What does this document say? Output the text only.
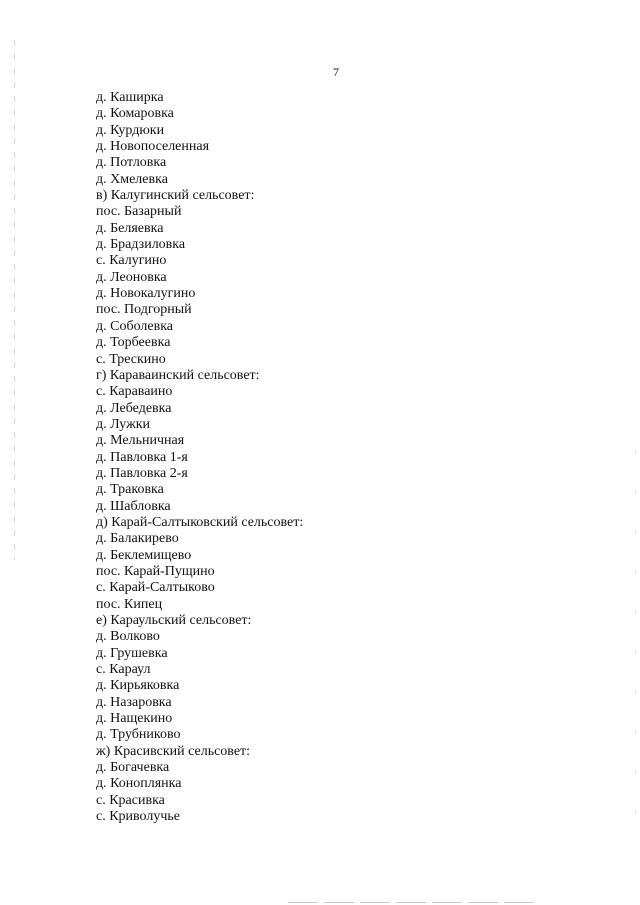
7
д. Каширка
д. Комаровка
д. Курдюки
д. Новопоселенная
д. Потловка
д. Хмелевка
в) Калугинский сельсовет:
пос. Базарный
д. Беляевка
д. Брадзиловка
с. Калугино
д. Леоновка
д. Новокалугино
пос. Подгорный
д. Соболевка
д. Торбеевка
с. Трескино
г) Караваинский сельсовет:
с. Караваино
д. Лебедевка
д. Лужки
д. Мельничная
д. Павловка 1-я
д. Павловка 2-я
д. Траковка
д. Шабловка
д) Карай-Салтыковский сельсовет:
д. Балакирево
д. Беклемищево
пос. Карай-Пущино
с. Карай-Салтыково
пос. Кипец
е) Караульский сельсовет:
д. Волково
д. Грушевка
с. Караул
д. Кирьяковка
д. Назаровка
д. Нащекино
д. Трубниково
ж) Красивский сельсовет:
д. Богачевка
д. Коноплянка
с. Красивка
с. Криволучье
